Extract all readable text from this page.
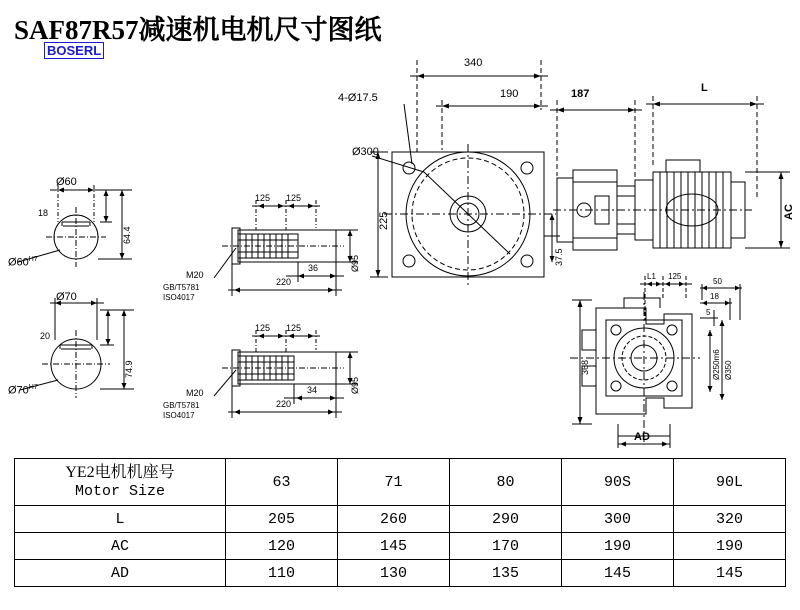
SAF87R57减速机电机尺寸图纸
BOSERL
Ø60
64.4
18
$Ø60^{H7}$
Ø70
74.9
20
$Ø70^{H7}$
125 125
36
220
Ø95
M20
GB/T5781
ISO4017
125 125
34
220
Ø95
M20
GB/T5781
ISO4017
340
190
4-Ø17.5
Ø300
225
37.5
187	L
AC
L1 125
50
18
5
368	Ø250m6 Ø350
AD
YE2电机机座号
Motor Size	63	71	80	90S	90L
L	205	260	290	300	320
AC	120	145	170	190	190
AD	110	130	135	145	145
